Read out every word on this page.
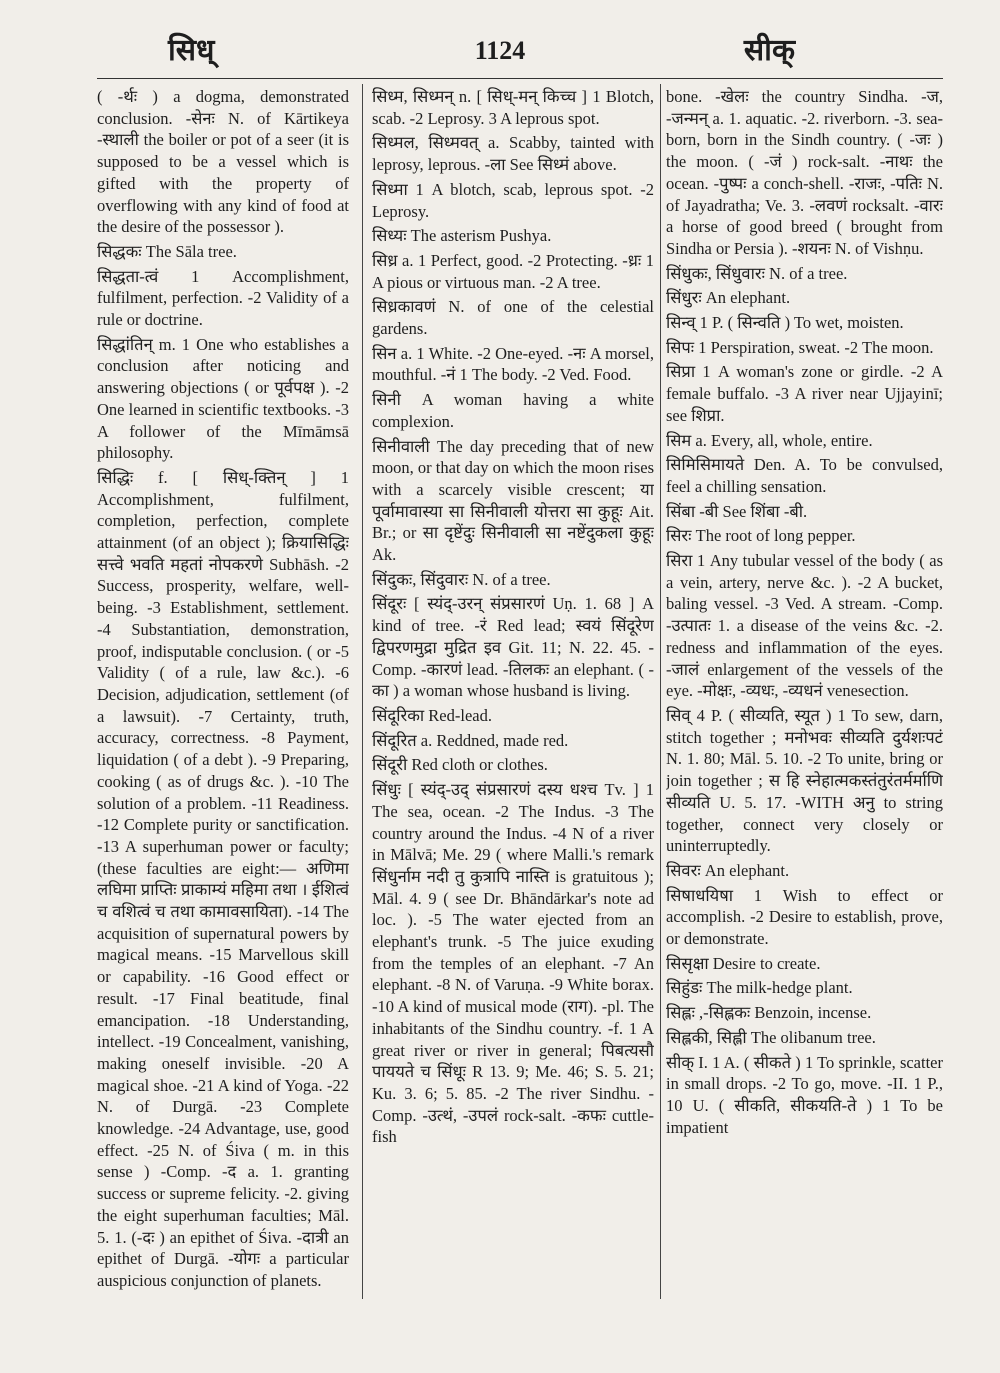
सिध्	1124	सीक्

( -र्थः ) a dogma, demonstrated conclusion. -सेनः N. of Kārtikeya -स्थाली the boiler or pot of a seer (it is supposed to be a vessel which is gifted with the property of overflowing with any kind of food at the desire of the possessor ).

सिद्धकः The Sāla tree.

सिद्धता-त्वं 1 Accomplishment, fulfilment, perfection. -2 Validity of a rule or doctrine.

सिद्धांतिन् m. 1 One who establishes a conclusion after noticing and answering objections ( or पूर्वपक्ष ). -2 One learned in scientific textbooks. -3 A follower of the Mīmāmsā philosophy.

सिद्धिः f. [ सिध्-क्तिन् ] 1 Accomplishment, fulfilment, completion, perfection, complete attainment (of an object ); क्रियासिद्धिः सत्त्वे भवति महतां नोपकरणे Subhāsh. -2 Success, prosperity, welfare, well-being. -3 Establishment, settlement. -4 Substantiation, demonstration, proof, indisputable conclusion. ( or -5 Validity ( of a rule, law &c.). -6 Decision, adjudication, settlement (of a lawsuit). -7 Certainty, truth, accuracy, correctness. -8 Payment, liquidation ( of a debt ). -9 Preparing, cooking ( as of drugs &c. ). -10 The solution of a problem. -11 Readiness. -12 Complete purity or sanctification. -13 A superhuman power or faculty; (these faculties are eight:— अणिमा लघिमा प्राप्तिः प्राकाम्यं महिमा तथा । ईशित्वं च वशित्वं च तथा कामावसायिता). -14 The acquisition of supernatural powers by magical means. -15 Marvellous skill or capability. -16 Good effect or result. -17 Final beatitude, final emancipation. -18 Understanding, intellect. -19 Concealment, vanishing, making oneself invisible. -20 A magical shoe. -21 A kind of Yoga. -22 N. of Durgā. -23 Complete knowledge. -24 Advantage, use, good effect. -25 N. of Śiva ( m. in this sense ) -Comp. -द a. 1. granting success or supreme felicity. -2. giving the eight superhuman faculties; Māl. 5. 1. (-दः ) an epithet of Śiva. -दात्री an epithet of Durgā. -योगः a particular auspicious conjunction of planets.

सिध्म, सिध्मन् n. [ सिध्-मन् किच्च ] 1 Blotch, scab. -2 Leprosy. 3 A leprous spot.

सिध्मल, सिध्मवत् a. Scabby, tainted with leprosy, leprous. -ला See सिध्मं above.

सिध्मा 1 A blotch, scab, leprous spot. -2 Leprosy.

सिध्यः The asterism Pushya.

सिध्र a. 1 Perfect, good. -2 Protecting. -ध्रः 1 A pious or virtuous man. -2 A tree.

सिध्रकावणं N. of one of the celestial gardens.

सिन a. 1 White. -2 One-eyed. -नः A morsel, mouthful. -नं 1 The body. -2 Ved. Food.

सिनी A woman having a white complexion.

सिनीवाली The day preceding that of new moon, or that day on which the moon rises with a scarcely visible crescent; या पूर्वामावास्या सा सिनीवाली योत्तरा सा कुहूः Ait. Br.; or सा दृष्टेंदुः सिनीवाली सा नष्टेंदुकला कुहूः Ak.

सिंदुकः, सिंदुवारः N. of a tree.

सिंदूरः [ स्यंद्-उरन् संप्रसारणं Uṇ. 1. 68 ] A kind of tree. -रं Red lead; स्वयं सिंदूरेण द्विपरणमुद्रा मुद्रित इव Git. 11; N. 22. 45. -Comp. -कारणं lead. -तिलकः an elephant. ( -का ) a woman whose husband is living.

सिंदूरिका Red-lead.

सिंदूरित a. Reddned, made red.

सिंदूरी Red cloth or clothes.

सिंधुः [ स्यंद्-उद् संप्रसारणं दस्य धश्च Tv. ] 1 The sea, ocean. -2 The Indus. -3 The country around the Indus. -4 N of a river in Mālvā; Me. 29 ( where Malli.'s remark सिंधुर्नाम नदी तु कुत्रापि नास्ति is gratuitous ); Māl. 4. 9 ( see Dr. Bhāndārkar's note ad loc. ). -5 The water ejected from an elephant's trunk. -5 The juice exuding from the temples of an elephant. -7 An elephant. -8 N. of Varuṇa. -9 White borax. -10 A kind of musical mode (राग). -pl. The inhabitants of the Sindhu country. -f. 1 A great river or river in general; पिबत्यसौ पाययते च सिंधूः R 13. 9; Me. 46; S. 5. 21; Ku. 3. 6; 5. 85. -2 The river Sindhu. -Comp. -उत्थं, -उपलं rock-salt. -कफः cuttle-fish

bone. -खेलः the country Sindha. -ज, -जन्मन् a. 1. aquatic. -2. riverborn. -3. sea-born, born in the Sindh country. ( -जः ) the moon. ( -जं ) rock-salt. -नाथः the ocean. -पुष्पः a conch-shell. -राजः, -पतिः N. of Jayadratha; Ve. 3. -लवणं rocksalt. -वारः a horse of good breed ( brought from Sindha or Persia ). -शयनः N. of Vishṇu.

सिंधुकः, सिंधुवारः N. of a tree.

सिंधुरः An elephant.

सिन्व् 1 P. ( सिन्वति ) To wet, moisten.

सिपः 1 Perspiration, sweat. -2 The moon.

सिप्रा 1 A woman's zone or girdle. -2 A female buffalo. -3 A river near Ujjayinī; see शिप्रा.

सिम a. Every, all, whole, entire.

सिमिसिमायते Den. A. To be convulsed, feel a chilling sensation.

सिंबा -बी See शिंबा -बी.

सिरः The root of long pepper.

सिरा 1 Any tubular vessel of the body ( as a vein, artery, nerve &c. ). -2 A bucket, baling vessel. -3 Ved. A stream. -Comp. -उत्पातः 1. a disease of the veins &c. -2. redness and inflammation of the eyes. -जालं enlargement of the vessels of the eye. -मोक्षः, -व्यधः, -व्यधनं venesection.

सिव् 4 P. ( सीव्यति, स्यूत ) 1 To sew, darn, stitch together ; मनोभवः सीव्यति दुर्यशःपटं N. 1. 80; Māl. 5. 10. -2 To unite, bring or join together ; स हि स्नेहात्मकस्तंतुरंतर्मर्माणि सीव्यति U. 5. 17. -WITH अनु to string together, connect very closely or uninterruptedly.

सिवरः An elephant.

सिषाधयिषा 1 Wish to effect or accomplish. -2 Desire to establish, prove, or demonstrate.

सिसृक्षा Desire to create.

सिहुंडः The milk-hedge plant.

सिह्लः ,-सिह्लकः Benzoin, incense.

सिह्लकी, सिह्ली The olibanum tree.

सीक् I. 1 A. ( सीकते ) 1 To sprinkle, scatter in small drops. -2 To go, move. -II. 1 P., 10 U. ( सीकति, सीकयति-ते ) 1 To be impatient
